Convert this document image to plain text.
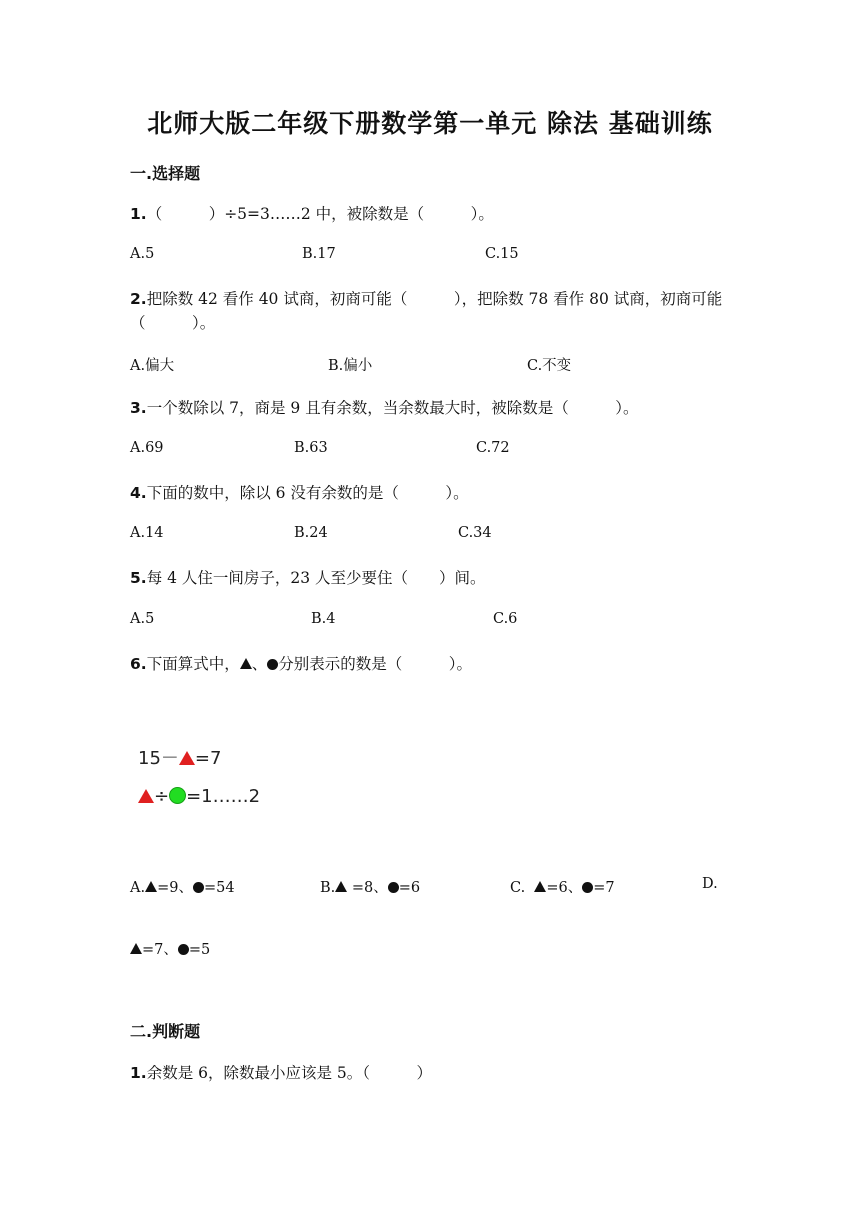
北师大版二年级下册数学第一单元 除法 基础训练
一.选择题
1.（　　　）÷5=3……2 中，被除数是（　　　）。
A.5	B.17	C.15
2.把除数 42 看作 40 试商，初商可能（　　　），把除数 78 看作 80 试商，初商可能（　　　）。
A.偏大	B.偏小	C.不变
3.一个数除以 7，商是 9 且有余数，当余数最大时，被除数是（　　　）。
A.69	B.63	C.72
4.下面的数中，除以 6 没有余数的是（　　　）。
A.14	B.24	C.34
5.每 4 人住一间房子，23 人至少要住（　　）间。
A.5	B.4	C.6
6.下面算式中， 、 分别表示的数是（　　　）。
15－ =7
÷ =1……2
A. =9、 =54	B. =8、 =6	C. =6、 =7	D.
=7、 =5
二.判断题
1.余数是 6，除数最小应该是 5。（　　　）
